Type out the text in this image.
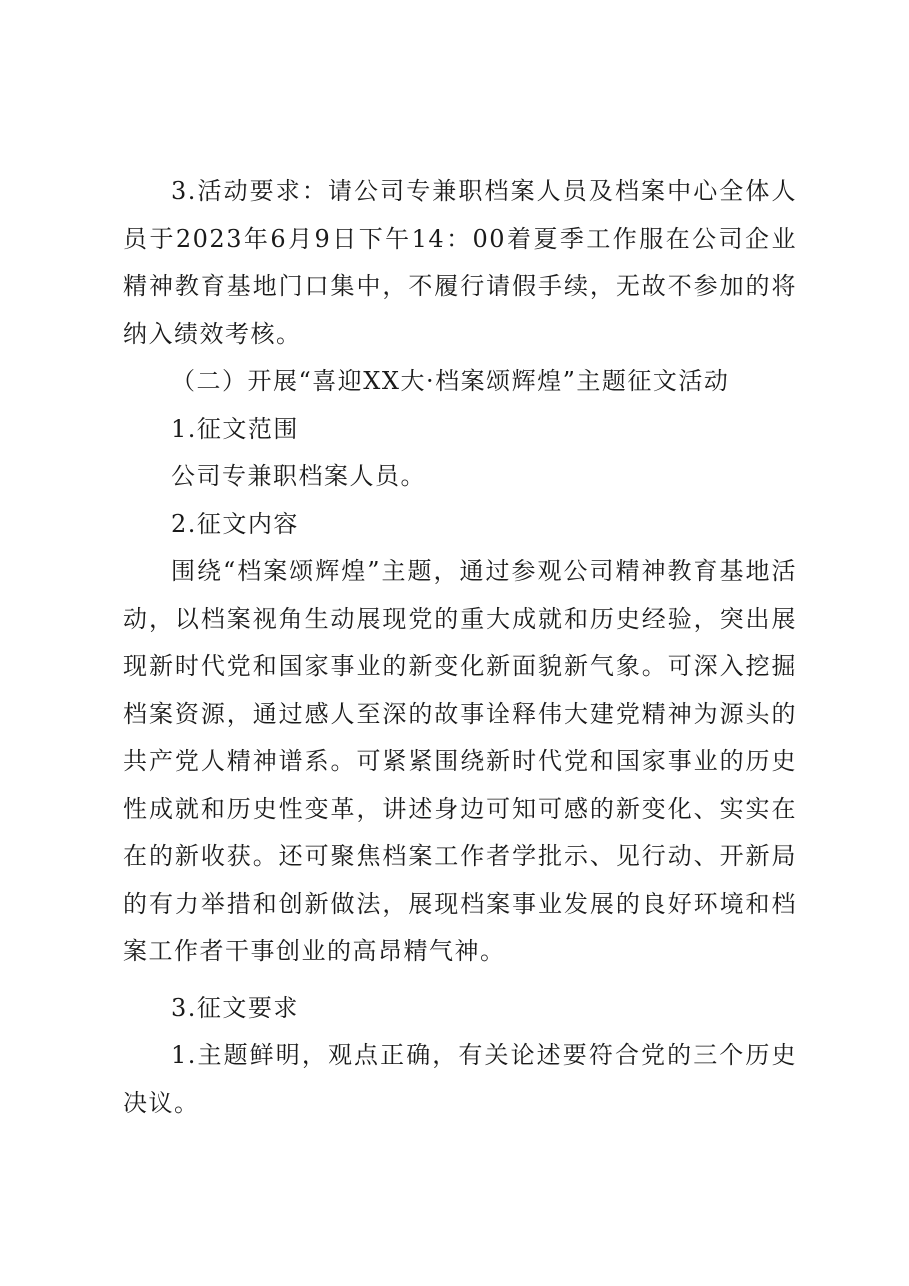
3.活动要求：请公司专兼职档案人员及档案中心全体人员于2023年6月9日下午14：00着夏季工作服在公司企业精神教育基地门口集中，不履行请假手续，无故不参加的将纳入绩效考核。

（二）开展“喜迎XX大·档案颂辉煌”主题征文活动

1.征文范围

公司专兼职档案人员。

2.征文内容

围绕“档案颂辉煌”主题，通过参观公司精神教育基地活动，以档案视角生动展现党的重大成就和历史经验，突出展现新时代党和国家事业的新变化新面貌新气象。可深入挖掘档案资源，通过感人至深的故事诠释伟大建党精神为源头的共产党人精神谱系。可紧紧围绕新时代党和国家事业的历史性成就和历史性变革，讲述身边可知可感的新变化、实实在在的新收获。还可聚焦档案工作者学批示、见行动、开新局的有力举措和创新做法，展现档案事业发展的良好环境和档案工作者干事创业的高昂精气神。

3.征文要求

1.主题鲜明，观点正确，有关论述要符合党的三个历史决议。
